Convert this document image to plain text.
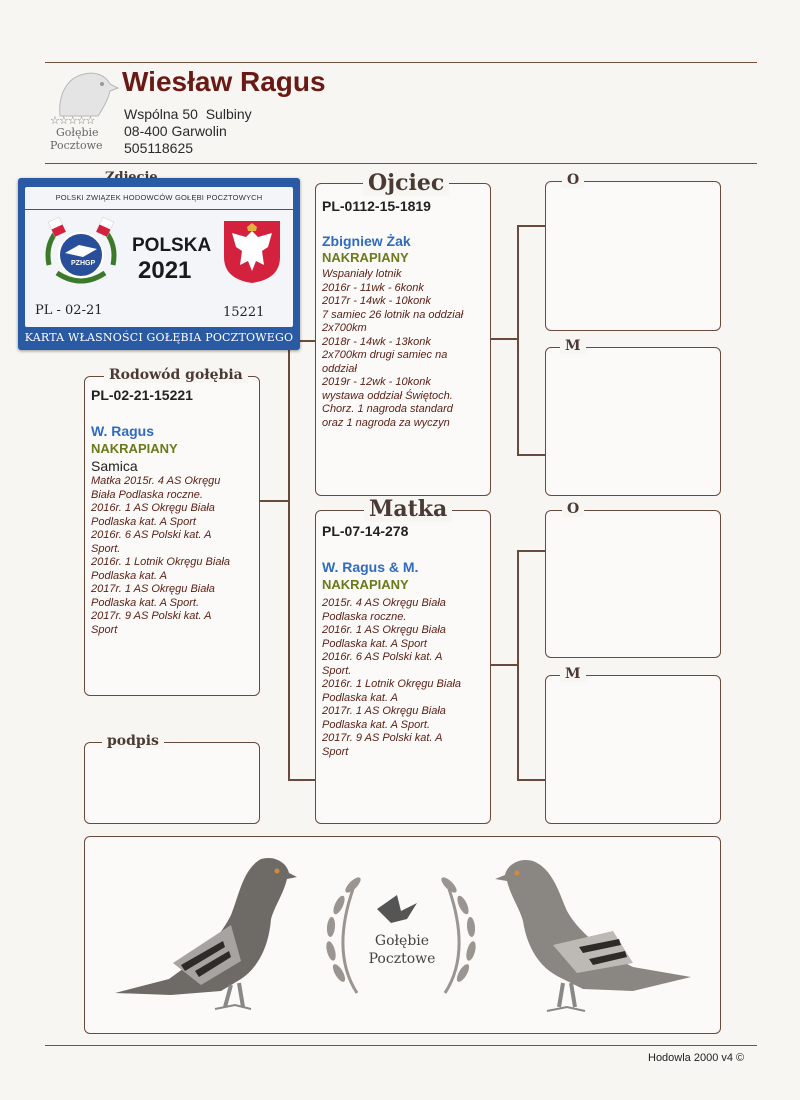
☆☆☆☆☆
Gołębie
Pocztowe
Wiesław Ragus
Wspólna 50  Sulbiny
08-400 Garwolin
505118625
PL-02-21-15221
W. Ragus
NAKRAPIANY
Samica
Matka 2015r. 4 AS Okręgu
Biała Podlaska roczne.
2016r. 1 AS Okręgu Biała
Podlaska kat. A Sport
2016r. 6 AS Polski kat. A
Sport.
2016r. 1 Lotnik Okręgu Biała
Podlaska kat. A
2017r. 1 AS Okręgu Biała
Podlaska kat. A Sport.
2017r. 9 AS Polski kat. A
Sport
Rodowód gołębia
podpis
PL-0112-15-1819
Zbigniew Żak
NAKRAPIANY
Wspaniały lotnik
2016r - 11wk - 6konk
2017r - 14wk - 10konk
7 samiec 26 lotnik na oddział
2x700km
2018r - 14wk - 13konk
2x700km drugi samiec na
oddział
2019r - 12wk - 10konk
wystawa oddział Świętoch.
Chorz. 1 nagroda standard
oraz 1 nagroda za wyczyn
Ojciec
PL-07-14-278
W. Ragus & M.
NAKRAPIANY
2015r. 4 AS Okręgu Biała
Podlaska roczne.
2016r. 1 AS Okręgu Biała
Podlaska kat. A Sport
2016r. 6 AS Polski kat. A
Sport.
2016r. 1 Lotnik Okręgu Biała
Podlaska kat. A
2017r. 1 AS Okręgu Biała
Podlaska kat. A Sport.
2017r. 9 AS Polski kat. A
Sport
Matka
O
M
O
M
POLSKI ZWIĄZEK HODOWCÓW GOŁĘBI POCZTOWYCH
PZHGP
POLSKA
2021
PL - 02-21	15221
KARTA WŁASNOŚCI GOŁĘBIA POCZTOWEGO
Gołębie
Pocztowe
Hodowla 2000 v4 ©
